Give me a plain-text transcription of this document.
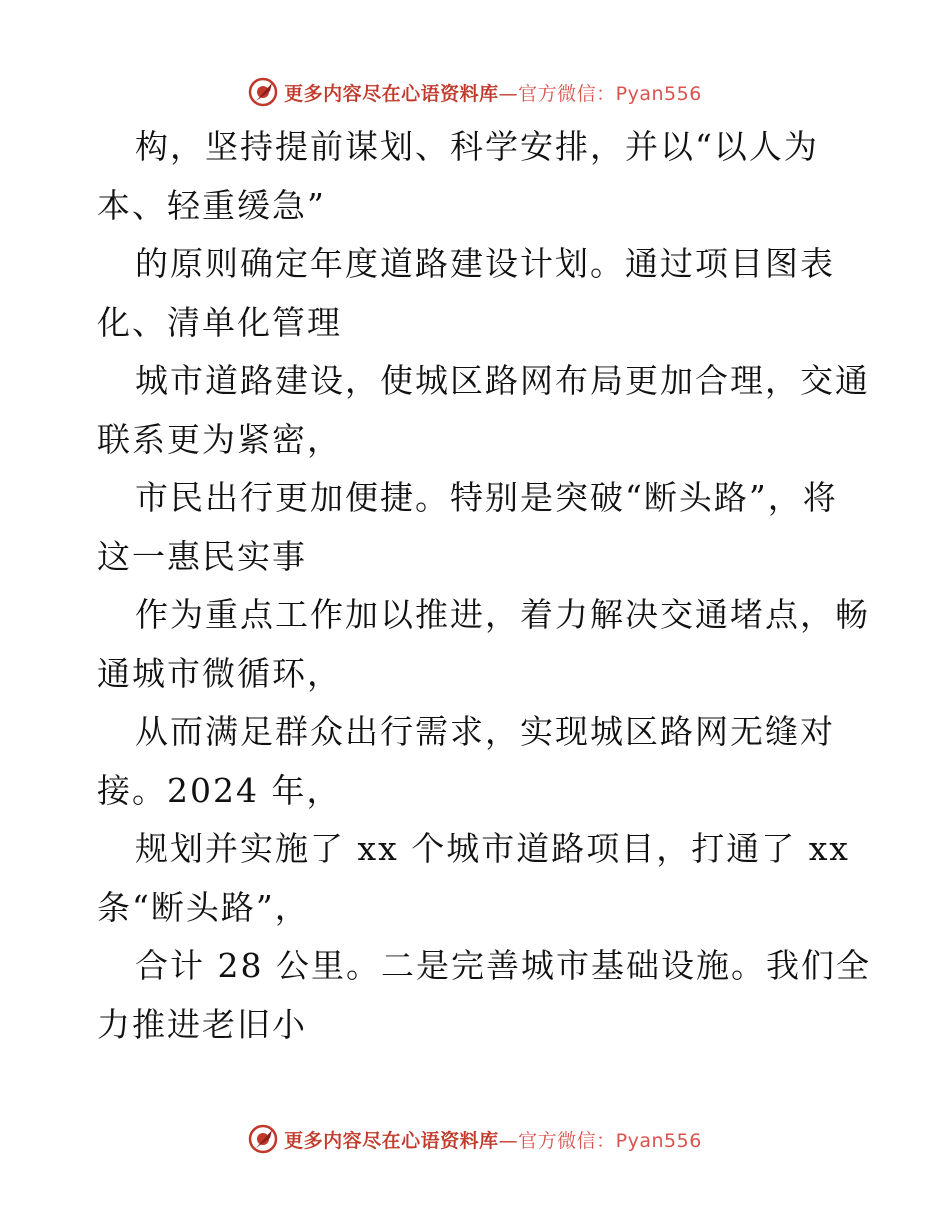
更多内容尽在心语资料库—官方微信：Pyan556
构，坚持提前谋划、科学安排，并以“以人为
本、轻重缓急”
的原则确定年度道路建设计划。通过项目图表
化、清单化管理
城市道路建设，使城区路网布局更加合理，交通
联系更为紧密，
市民出行更加便捷。特别是突破“断头路”，将
这一惠民实事
作为重点工作加以推进，着力解决交通堵点，畅
通城市微循环，
从而满足群众出行需求，实现城区路网无缝对
接。2024 年，
规划并实施了 xx 个城市道路项目，打通了 xx
条“断头路”，
合计 28 公里。二是完善城市基础设施。我们全
力推进老旧小
更多内容尽在心语资料库—官方微信：Pyan556
